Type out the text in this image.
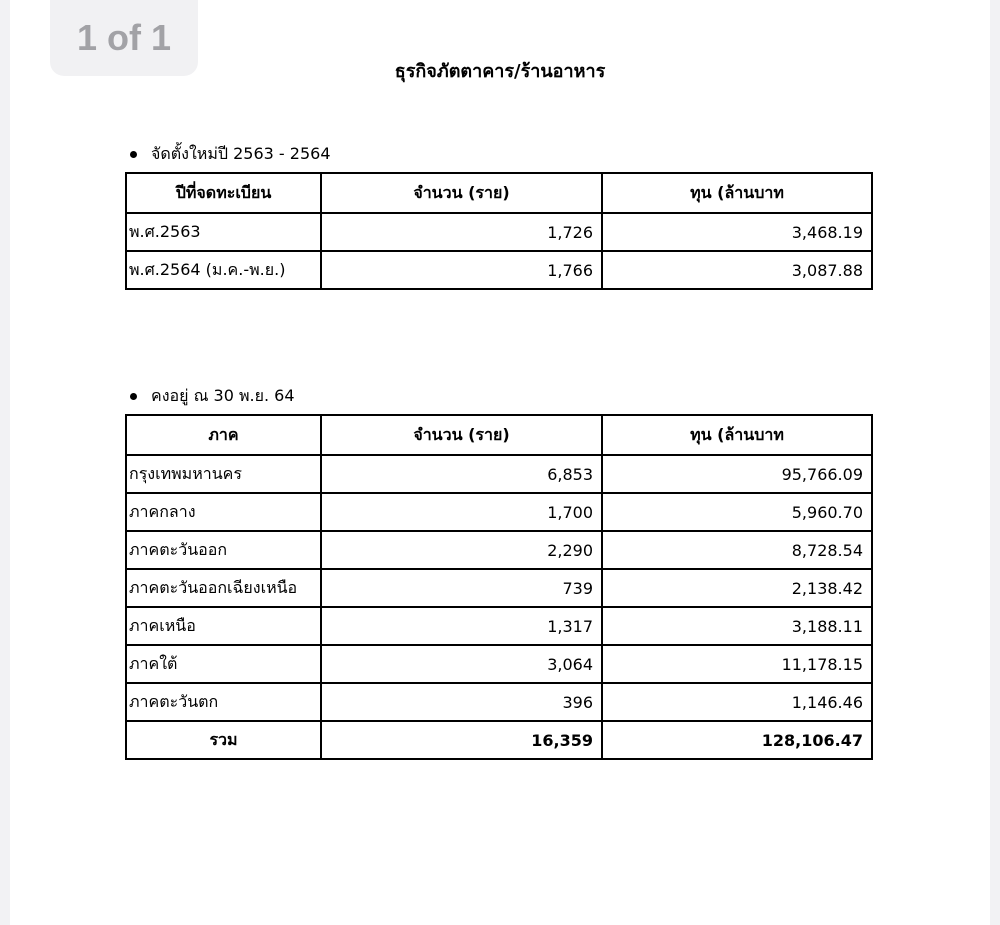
1 of 1
ธุรกิจภัตตาคาร/ร้านอาหาร
จัดตั้งใหม่ปี 2563 - 2564
ปีที่จดทะเบียน	จำนวน (ราย)	ทุน (ล้านบาท
พ.ศ.2563	1,726	3,468.19
พ.ศ.2564 (ม.ค.-พ.ย.)	1,766	3,087.88
คงอยู่ ณ 30 พ.ย. 64
ภาค	จำนวน (ราย)	ทุน (ล้านบาท
กรุงเทพมหานคร	6,853	95,766.09
ภาคกลาง	1,700	5,960.70
ภาคตะวันออก	2,290	8,728.54
ภาคตะวันออกเฉียงเหนือ	739	2,138.42
ภาคเหนือ	1,317	3,188.11
ภาคใต้	3,064	11,178.15
ภาคตะวันตก	396	1,146.46
รวม	16,359	128,106.47
